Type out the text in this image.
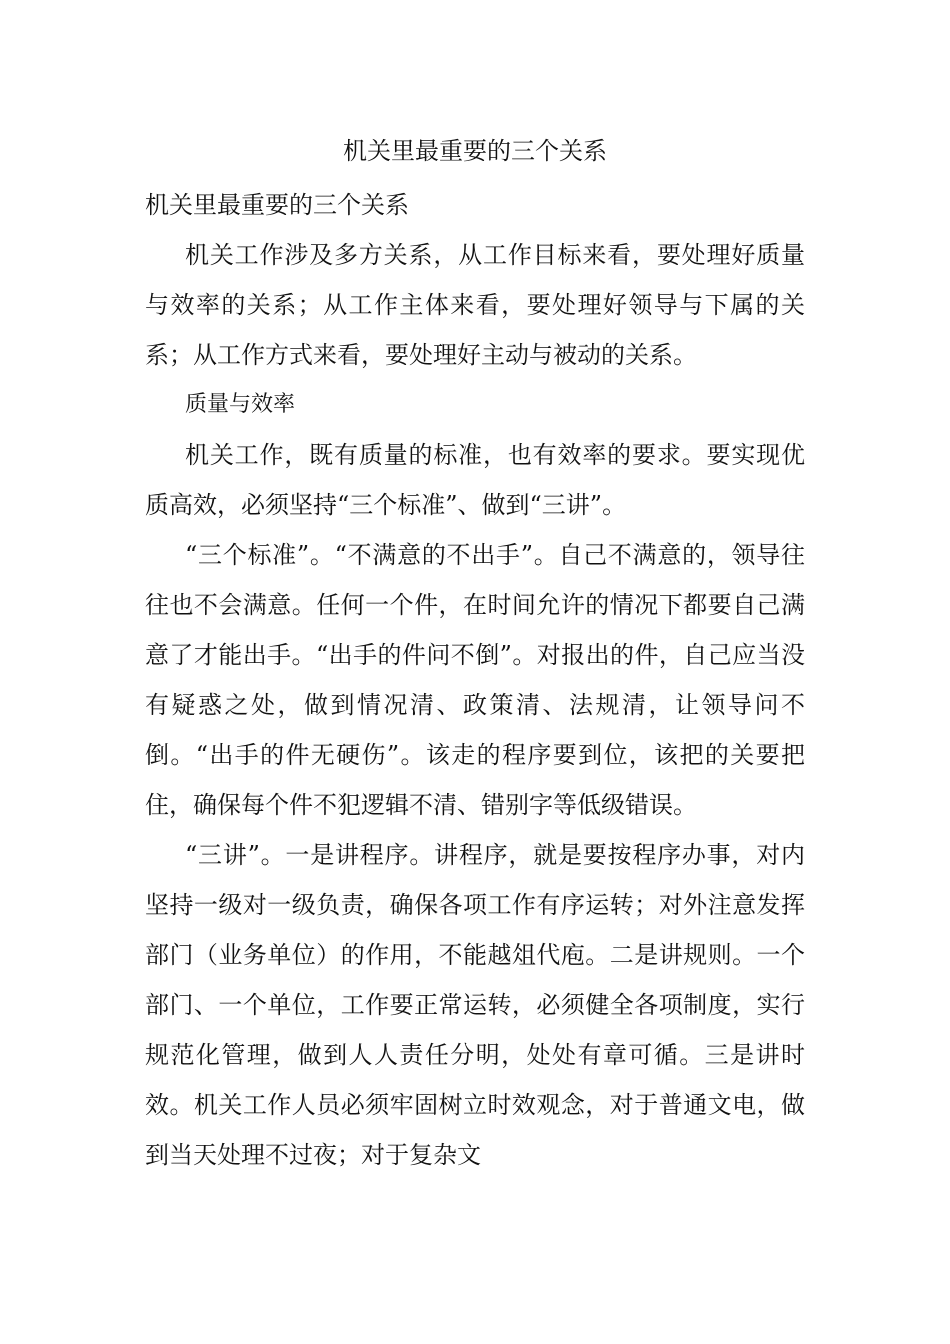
机关里最重要的三个关系

机关里最重要的三个关系

机关工作涉及多方关系，从工作目标来看，要处理好质量与效率的关系；从工作主体来看，要处理好领导与下属的关系；从工作方式来看，要处理好主动与被动的关系。

质量与效率

机关工作，既有质量的标准，也有效率的要求。要实现优质高效，必须坚持“三个标准”、做到“三讲”。

“三个标准”。“不满意的不出手”。自己不满意的，领导往往也不会满意。任何一个件，在时间允许的情况下都要自己满意了才能出手。“出手的件问不倒”。对报出的件，自己应当没有疑惑之处，做到情况清、政策清、法规清，让领导问不倒。“出手的件无硬伤”。该走的程序要到位，该把的关要把住，确保每个件不犯逻辑不清、错别字等低级错误。

“三讲”。一是讲程序。讲程序，就是要按程序办事，对内坚持一级对一级负责，确保各项工作有序运转；对外注意发挥部门（业务单位）的作用，不能越俎代庖。二是讲规则。一个部门、一个单位，工作要正常运转，必须健全各项制度，实行规范化管理，做到人人责任分明，处处有章可循。三是讲时效。机关工作人员必须牢固树立时效观念，对于普通文电，做到当天处理不过夜；对于复杂文
